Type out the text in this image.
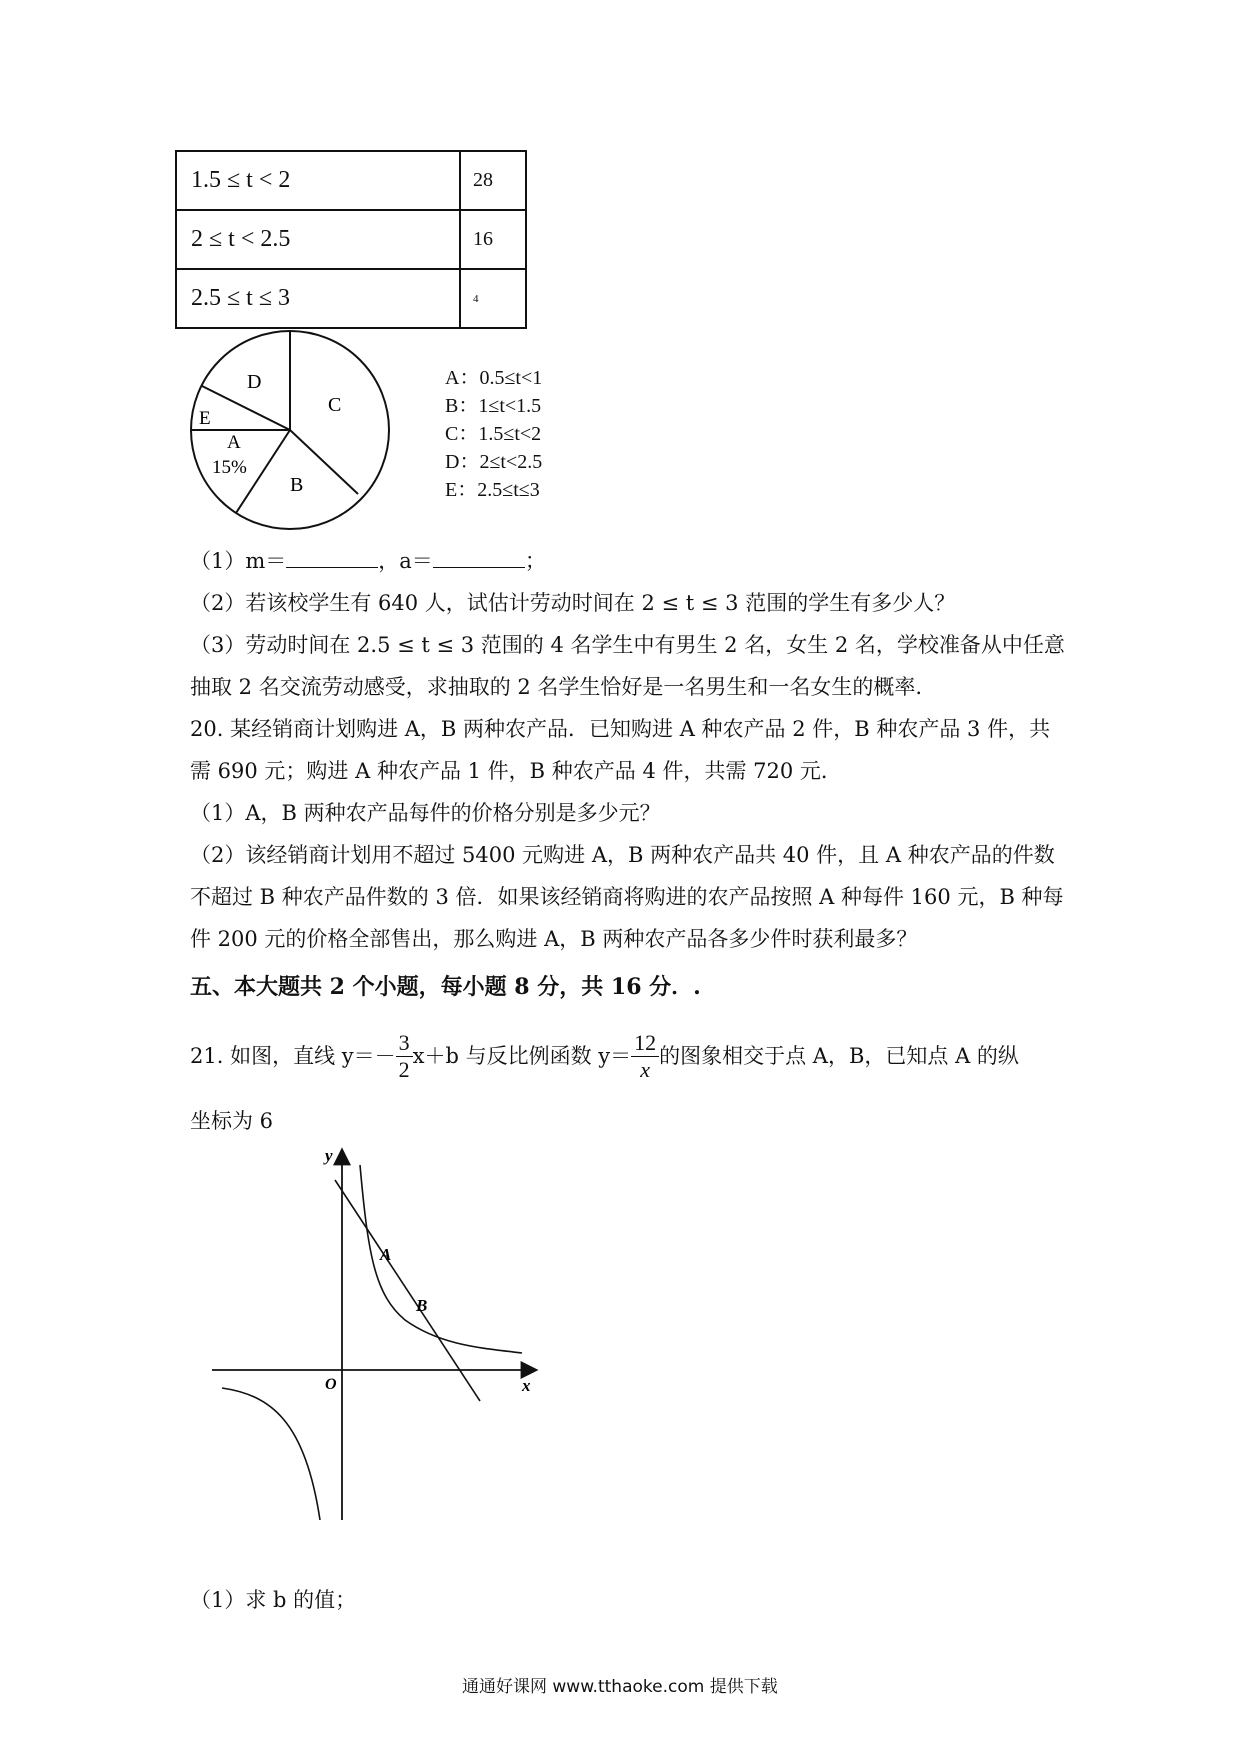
1.5 ≤ t < 2	28
2 ≤ t < 2.5	16
2.5 ≤ t ≤ 3	4
D
C
E
A
15%
B
A：0.5≤t<1
B：1≤t<1.5
C：1.5≤t<2
D：2≤t<2.5
E：2.5≤t≤3
（1）m＝	，a＝	；
（2）若该校学生有 640 人，试估计劳动时间在 2 ≤ t ≤ 3 范围的学生有多少人？
（3）劳动时间在 2.5 ≤ t ≤ 3 范围的 4 名学生中有男生 2 名，女生 2 名，学校准备从中任意
抽取 2 名交流劳动感受，求抽取的 2 名学生恰好是一名男生和一名女生的概率.
20. 某经销商计划购进 A，B 两种农产品．已知购进 A 种农产品 2 件，B 种农产品 3 件，共
需 690 元；购进 A 种农产品 1 件，B 种农产品 4 件，共需 720 元．
（1）A，B 两种农产品每件的价格分别是多少元？
（2）该经销商计划用不超过 5400 元购进 A，B 两种农产品共 40 件，且 A 种农产品的件数
不超过 B 种农产品件数的 3 倍．如果该经销商将购进的农产品按照 A 种每件 160 元，B 种每
件 200 元的价格全部售出，那么购进 A，B 两种农产品各多少件时获利最多？
五、本大题共 2 个小题，每小题 8 分，共 16 分．.
21. 如图，直线 $y=- \frac{3}{2} x+b$ 与反比例函数 $y= \frac{12}{x}$ 的图象相交于点 A，B，已知点 A 的纵
坐标为 6
y
x
O
A
B
（1）求 b 的值；
通通好课网 www.tthaoke.com 提供下载
